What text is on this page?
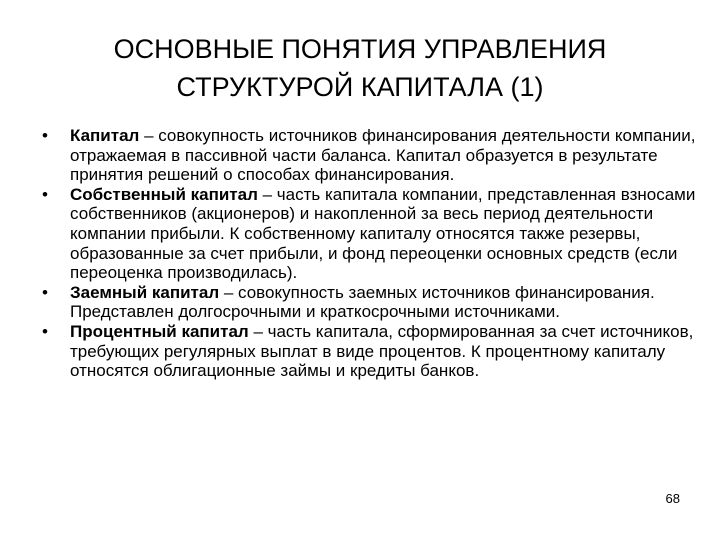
ОСНОВНЫЕ ПОНЯТИЯ УПРАВЛЕНИЯ
СТРУКТУРОЙ КАПИТАЛА (1)
•	Капитал – совокупность источников финансирования деятельности компании, отражаемая в пассивной части баланса. Капитал образуется в результате принятия решений о способах финансирования.
•	Собственный капитал – часть капитала компании, представленная взносами собственников (акционеров) и накопленной за весь период деятельности компании прибыли. К собственному капиталу относятся также резервы, образованные за счет прибыли, и фонд переоценки основных средств (если переоценка производилась).
•	Заемный капитал – совокупность заемных источников финансирования. Представлен долгосрочными и краткосрочными источниками.
•	Процентный капитал – часть капитала, сформированная за счет источников, требующих регулярных выплат в виде процентов. К процентному капиталу относятся облигационные займы и кредиты банков.
68
